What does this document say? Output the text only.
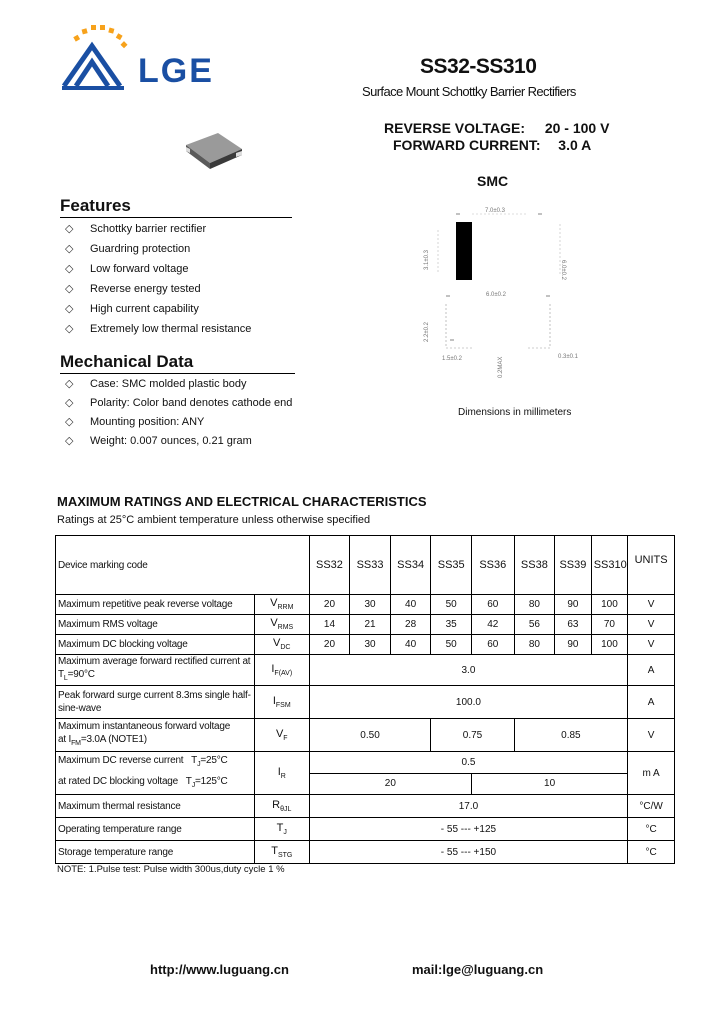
LGE	SS32-SS310
Surface Mount Schottky Barrier Rectifiers
REVERSE VOLTAGE: 20 - 100 V
FORWARD CURRENT: 3.0 A
SMC
7.0±0.3
3.1±0.3	6.0±0.2
6.0±0.2
2.2±0.2
1.5±0.2	0.3±0.1
0.2MAX
Dimensions in millimeters
Features
◇ Schottky barrier rectifier
◇ Guardring protection
◇ Low forward voltage
◇ Reverse energy tested
◇ High current capability
◇ Extremely low thermal resistance
Mechanical Data
◇ Case: SMC molded plastic body
◇ Polarity: Color band denotes cathode end
◇ Mounting position: ANY
◇ Weight: 0.007 ounces, 0.21 gram
MAXIMUM RATINGS AND ELECTRICAL CHARACTERISTICS
Ratings at 25°C ambient temperature unless otherwise specified
Device marking code		SS32	SS33	SS34	SS35	SS36	SS38	SS39	SS310	UNITS
Maximum repetitive peak reverse voltage	$V_{RRM}$	20	30	40	50	60	80	90	100	V
Maximum RMS voltage	$V_{RMS}$	14	21	28	35	42	56	63	70	V
Maximum DC blocking voltage	$V_{DC}$	20	30	40	50	60	80	90	100	V
Maximum average forward rectified current at
$T_L=90^\circ C$	$I_{F(AV)}$	3.0								A
Peak forward surge current 8.3ms single half-
sine-wave	$I_{FSM}$	100.0								A
Maximum instantaneous forward voltage
at $I_{FM}=3.0A$ (NOTE1)	$V_F$	0.50			0.75		0.85			V
Maximum DC reverse current $T_J=25^\circ C$
at rated DC blocking voltage $T_J=125^\circ C$	$I_R$	0.5								m A
		20				10				
Maximum thermal resistance	$R_{\theta JL}$	17.0								°C/W
Operating temperature range	$T_J$	- 55 --- +125								°C
Storage temperature range	$T_{STG}$	- 55 --- +150								°C
NOTE: 1.Pulse test: Pulse width 300us,duty cycle 1 %
http://www.luguang.cn	mail:lge@luguang.cn
